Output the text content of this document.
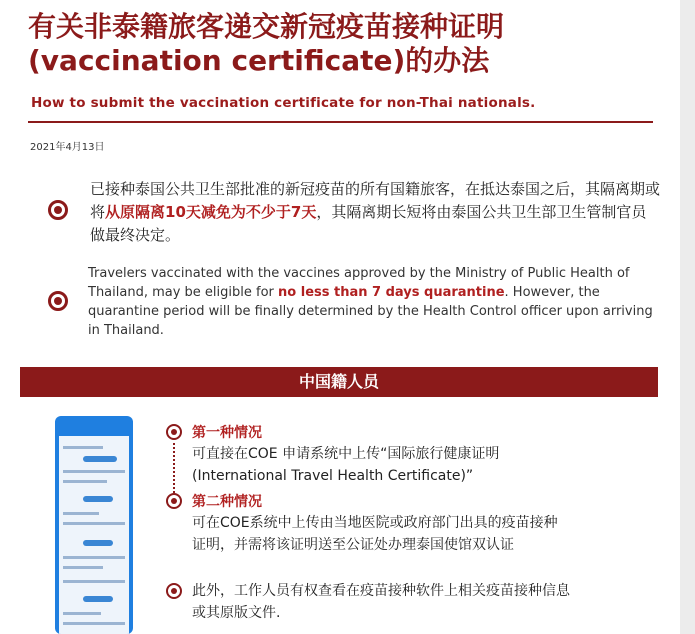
有关非泰籍旅客递交新冠疫苗接种证明
(vaccination certificate)的办法
How to submit the vaccination certificate for non-Thai nationals.
2021年4月13日
已接种泰国公共卫生部批准的新冠疫苗的所有国籍旅客，在抵达泰国之后，其隔离期或将从原隔离10天减免为不少于7天，其隔离期长短将由泰国公共卫生部卫生管制官员做最终决定。
Travelers vaccinated with the vaccines approved by the Ministry of Public Health of Thailand, may be eligible for no less than 7 days quarantine. However, the quarantine period will be finally determined by the Health Control officer upon arriving in Thailand.
中国籍人员
第一种情况
可直接在COE 申请系统中上传“国际旅行健康证明
(International Travel Health Certificate)”
第二种情况
可在COE系统中上传由当地医院或政府部门出具的疫苗接种
证明，并需将该证明送至公证处办理泰国使馆双认证
此外，工作人员有权查看在疫苗接种软件上相关疫苗接种信息
或其原版文件.
